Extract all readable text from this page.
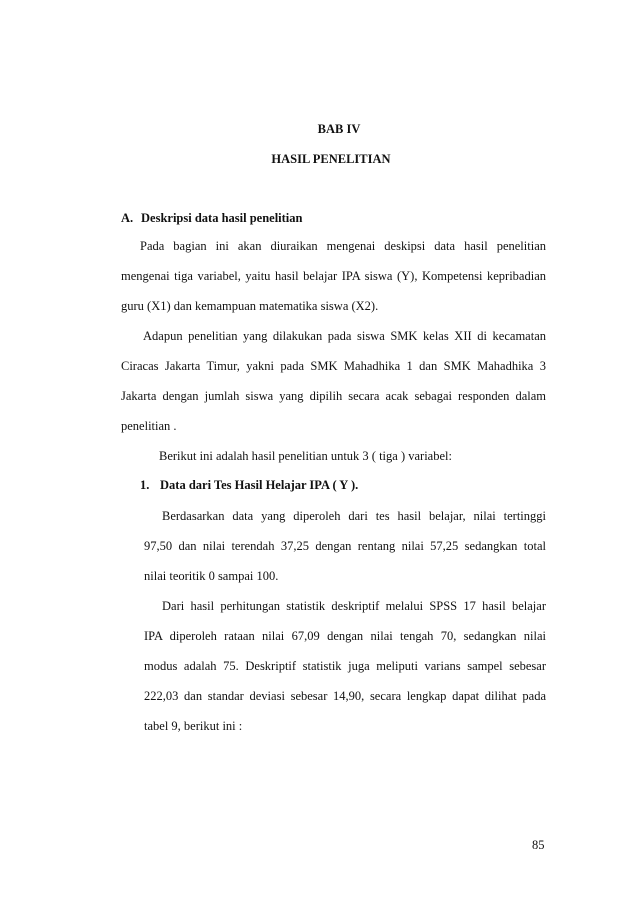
BAB IV
HASIL PENELITIAN
A. Deskripsi data hasil penelitian
Pada bagian ini akan diuraikan mengenai deskipsi data hasil penelitian
mengenai tiga variabel, yaitu hasil belajar IPA siswa (Y), Kompetensi kepribadian
guru (X1) dan kemampuan matematika siswa (X2).
Adapun penelitian yang dilakukan pada siswa SMK kelas XII di kecamatan
Ciracas Jakarta Timur, yakni pada SMK Mahadhika 1 dan SMK Mahadhika 3
Jakarta dengan jumlah siswa yang dipilih secara acak sebagai responden dalam
penelitian .
Berikut ini adalah hasil penelitian untuk 3 ( tiga ) variabel:
1. Data dari Tes Hasil Helajar IPA ( Y ).
Berdasarkan data yang diperoleh dari tes hasil belajar, nilai tertinggi
97,50 dan nilai terendah 37,25 dengan rentang nilai 57,25 sedangkan total
nilai teoritik 0 sampai 100.
Dari hasil perhitungan statistik deskriptif melalui SPSS 17 hasil belajar
IPA diperoleh rataan nilai 67,09 dengan nilai tengah 70, sedangkan nilai
modus adalah 75. Deskriptif statistik juga meliputi varians sampel sebesar
222,03 dan standar deviasi sebesar 14,90, secara lengkap dapat dilihat pada
tabel 9, berikut ini :
85
